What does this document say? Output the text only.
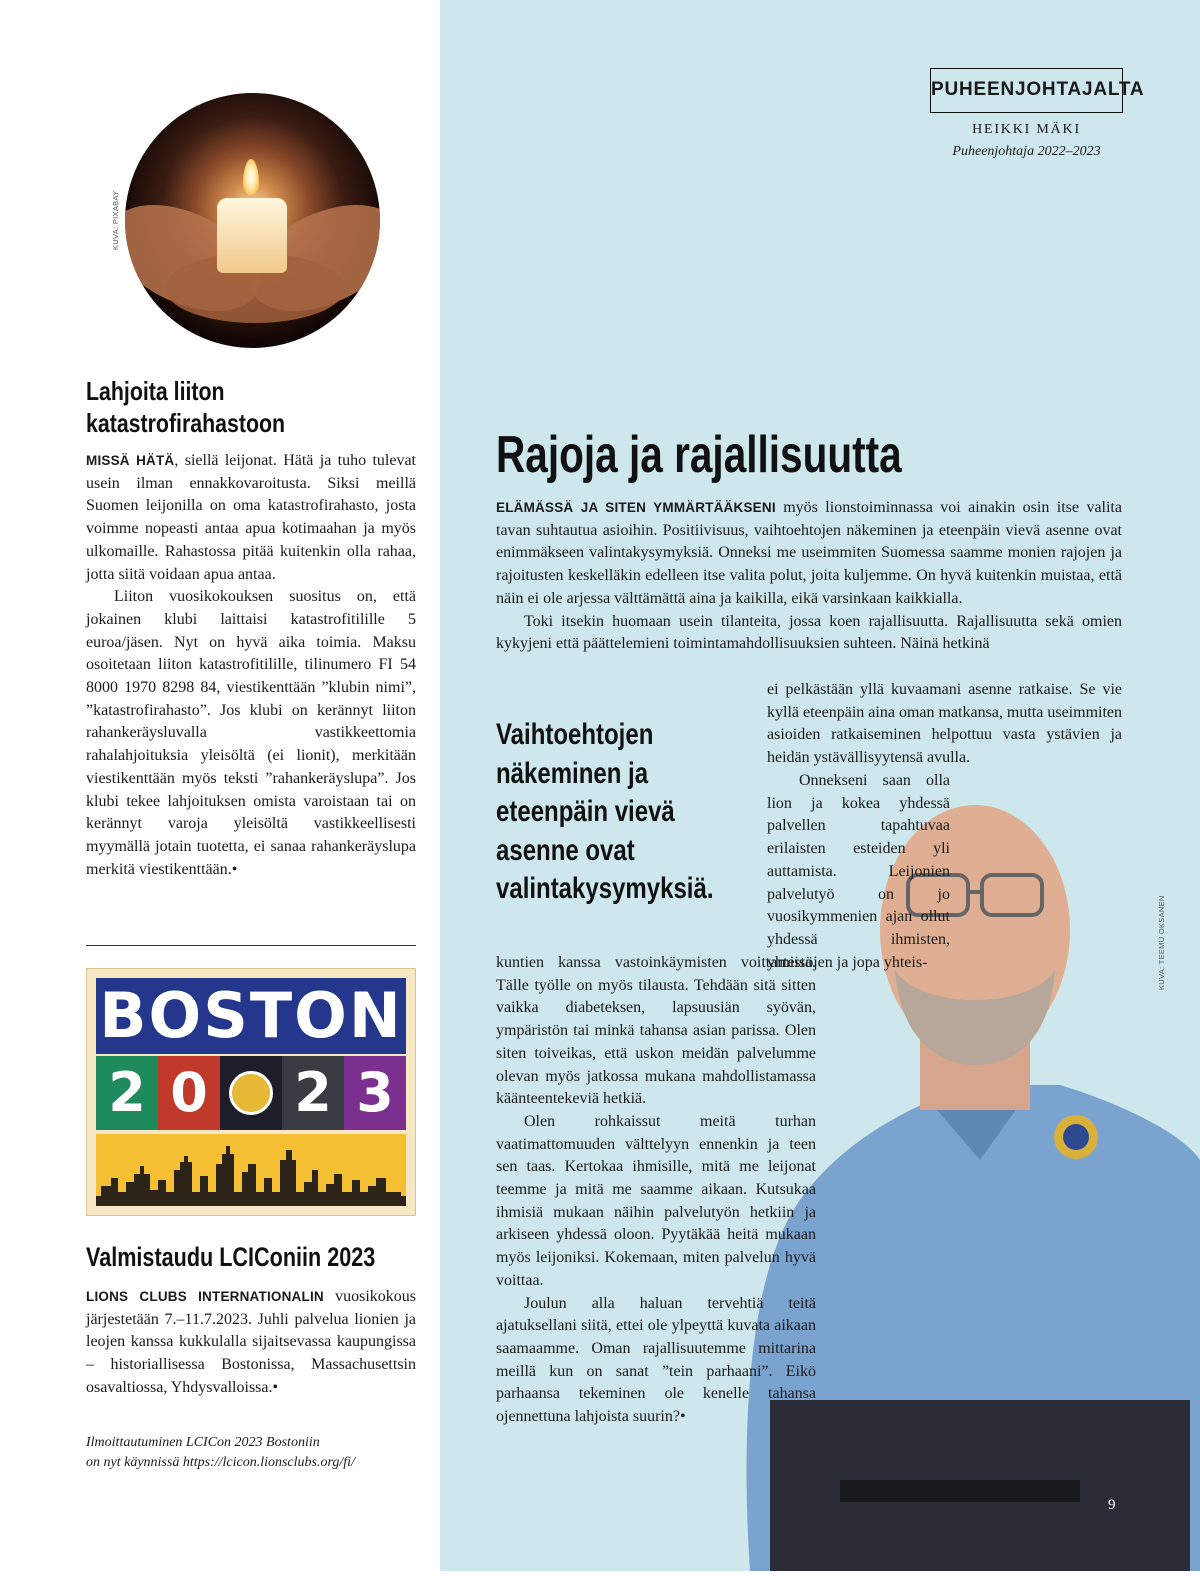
KUVA: PIXABAY
Lahjoita liiton
katastrofirahastoon

MISSÄ HÄTÄ, siellä leijonat. Hätä ja tuho tulevat usein ilman ennakkovaroitusta. Siksi meillä Suomen leijonilla on oma katastrofirahasto, josta voimme nopeasti antaa apua kotimaahan ja myös ulkomaille. Rahastossa pitää kuitenkin olla rahaa, jotta siitä voidaan apua antaa.

Liiton vuosikokouksen suositus on, että jokainen klubi laittaisi katastrofitilille 5 euroa/jäsen. Nyt on hyvä aika toimia. Maksu osoitetaan liiton katastrofitilille, tilinumero FI 54 8000 1970 8298 84, viestikenttään ”klubin nimi”, ”katastrofirahasto”. Jos klubi on kerännyt liiton rahankeräysluvalla vastikkeettomia rahalahjoituksia yleisöltä (ei lionit), merkitään viestikenttään myös teksti ”rahankeräyslupa”. Jos klubi tekee lahjoituksen omista varoistaan tai on kerännyt varoja yleisöltä vastikkeellisesti myymällä jotain tuotetta, ei sanaa rahankeräyslupa merkitä viestikenttään.•

BOSTON
2 0 2 3
Valmistaudu LCIConiin 2023

LIONS CLUBS INTERNATIONALIN vuosikokous järjestetään 7.–11.7.2023. Juhli palvelua lionien ja leojen kanssa kukkulalla sijaitsevassa kaupungissa – historiallisessa Bostonissa, Massachusettsin osavaltiossa, Yhdysvalloissa.•

Ilmoittautuminen LCICon 2023 Bostoniin
on nyt käynnissä https://lcicon.lionsclubs.org/fi/
PUHEENJOHTAJALTA
HEIKKI MÄKI
Puheenjohtaja 2022–2023
Rajoja ja rajallisuutta
KUVA: TEEMU OKSANEN

ELÄMÄSSÄ JA SITEN YMMÄRTÄÄKSENI myös lionstoiminnassa voi ainakin osin itse valita tavan suhtautua asioihin. Positiivisuus, vaihtoehtojen näkeminen ja eteenpäin vievä asenne ovat enimmäkseen valintakysymyksiä. Onneksi me useimmiten Suomessa saamme monien rajojen ja rajoitusten keskelläkin edelleen itse valita polut, joita kuljemme. On hyvä kuitenkin muistaa, että näin ei ole arjessa välttämättä aina ja kaikilla, eikä varsinkaan kaikkialla.

Toki itsekin huomaan usein tilanteita, jossa koen rajallisuutta. Rajallisuutta sekä omien kykyjeni että päättelemieni toimintamahdollisuuksien suhteen. Näinä hetkinä

ei pelkästään yllä kuvaamani asenne ratkaise. Se vie kyllä eteenpäin aina oman matkansa, mutta useimmiten asioiden ratkaiseminen helpottuu vasta ystävien ja heidän ystävällisyytensä avulla.
Vaihtoehtojen
näkeminen ja
eteenpäin vievä
asenne ovat
valintakysymyksiä.
Onnekseni saan olla lion ja kokea yhdessä palvellen tapahtuvaa erilaisten esteiden yli auttamista. Leijonien palvelutyö on jo vuosikymmenien ajan ollut yhdessä ihmisten, yhteisöjen ja jopa yhteis-

kuntien kanssa vastoinkäymisten voittamista. Tälle työlle on myös tilausta. Tehdään sitä sitten vaikka diabeteksen, lapsuusiän syövän, ympäristön tai minkä tahansa asian parissa. Olen siten toiveikas, että uskon meidän palvelumme olevan myös jatkossa mukana mahdollistamassa käänteentekeviä hetkiä.

Olen rohkaissut meitä turhan vaatimattomuuden välttelyyn ennenkin ja teen sen taas. Kertokaa ihmisille, mitä me leijonat teemme ja mitä me saamme aikaan. Kutsukaa ihmisiä mukaan näihin palvelutyön hetkiin ja arkiseen yhdessä oloon. Pyytäkää heitä mukaan myös leijoniksi. Kokemaan, miten palvelun hyvä voittaa.

Joulun alla haluan tervehtiä teitä ajatuksellani siitä, ettei ole ylpeyttä kuvata aikaan saamaamme. Oman rajallisuutemme mittarina meillä kun on sanat ”tein parhaani”. Eikö parhaansa tekeminen ole kenelle tahansa ojennettuna lahjoista suurin?•

9
